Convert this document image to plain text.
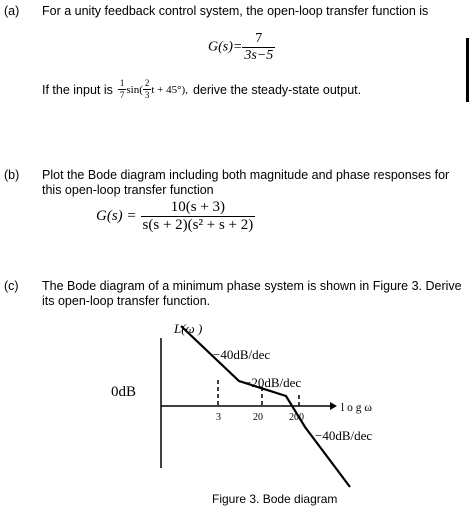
(a) For a unity feedback control system, the open-loop transfer function is
$G(s)= \frac{7}{3s-5}$
If the input is $\frac{1}{7} \sin( \frac{2}{3}$ t + 45°), derive the steady-state output.
(b) Plot the Bode diagram including both magnitude and phase responses for
this open-loop transfer function
$G(s) = \frac{10(s + 3)}{\text{s(s + 2)(s² + s + 2)}}$
(c) The Bode diagram of a minimum phase system is shown in Figure 3. Derive
its open-loop transfer function.
L(ω )
−40dB/dec
−20dB/dec
0dB
l o g ω
3	20	200
−40dB/dec
Figure 3. Bode diagram
